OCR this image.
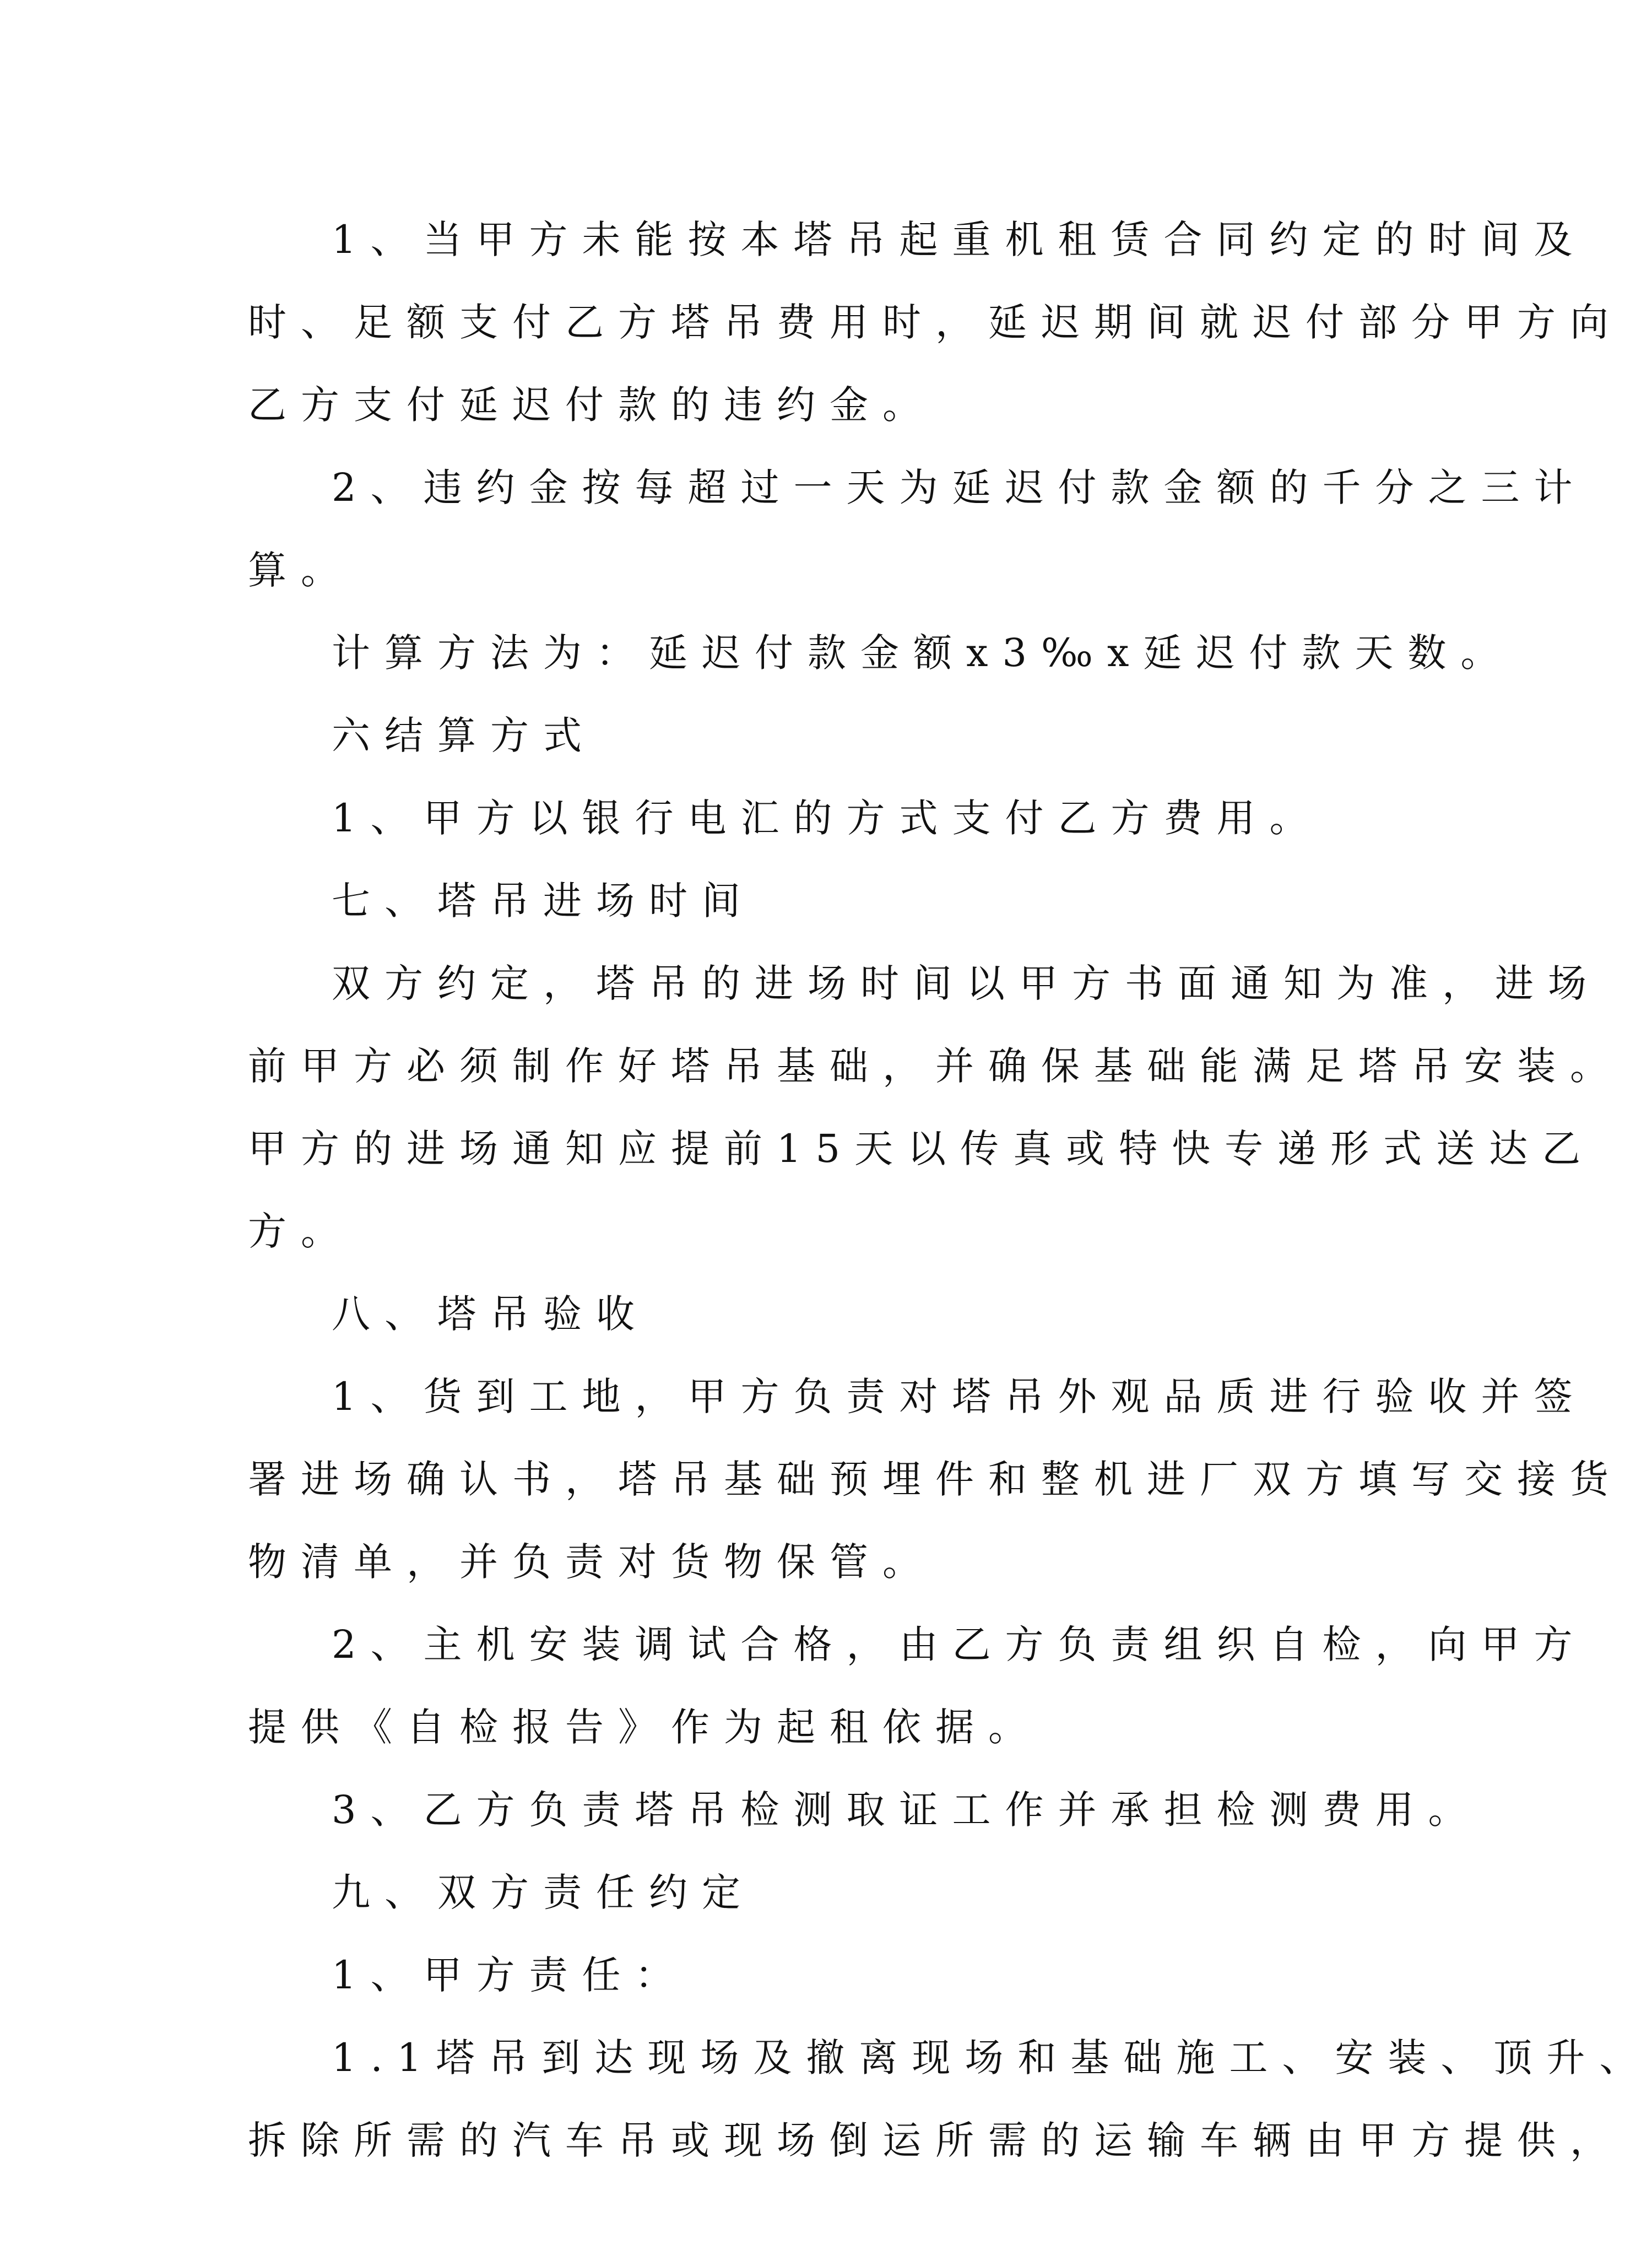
1、当甲方未能按本塔吊起重机租赁合同约定的时间及
时、足额支付乙方塔吊费用时，延迟期间就迟付部分甲方向
乙方支付延迟付款的违约金。
2、违约金按每超过一天为延迟付款金额的千分之三计
算。
计算方法为：延迟付款金额x3‰x延迟付款天数。
六结算方式
1、甲方以银行电汇的方式支付乙方费用。
七、塔吊进场时间
双方约定，塔吊的进场时间以甲方书面通知为准，进场
前甲方必须制作好塔吊基础，并确保基础能满足塔吊安装。
甲方的进场通知应提前15天以传真或特快专递形式送达乙
方。
八、塔吊验收
1、货到工地，甲方负责对塔吊外观品质进行验收并签
署进场确认书，塔吊基础预埋件和整机进厂双方填写交接货
物清单，并负责对货物保管。
2、主机安装调试合格，由乙方负责组织自检，向甲方
提供《自检报告》作为起租依据。
3、乙方负责塔吊检测取证工作并承担检测费用。
九、双方责任约定
1、甲方责任：
1.1塔吊到达现场及撤离现场和基础施工、安装、顶升、
拆除所需的汽车吊或现场倒运所需的运输车辆由甲方提供，
